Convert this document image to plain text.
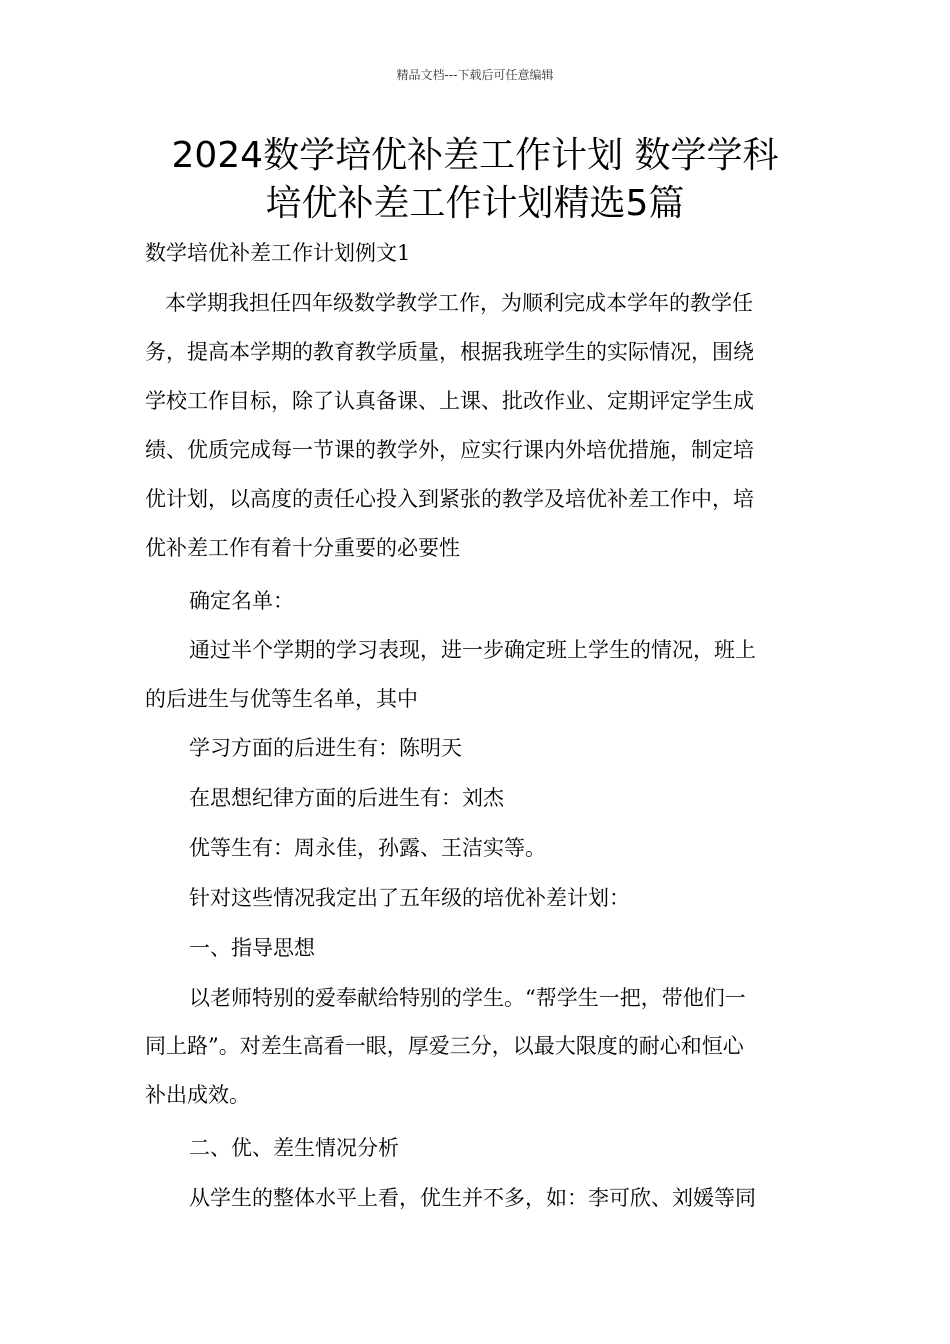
精品文档---下载后可任意编辑
2024数学培优补差工作计划 数学学科
培优补差工作计划精选5篇
数学培优补差工作计划例文1
本学期我担任四年级数学教学工作，为顺利完成本学年的教学任
务，提高本学期的教育教学质量，根据我班学生的实际情况，围绕
学校工作目标，除了认真备课、上课、批改作业、定期评定学生成
绩、优质完成每一节课的教学外，应实行课内外培优措施，制定培
优计划，以高度的责任心投入到紧张的教学及培优补差工作中，培
优补差工作有着十分重要的必要性
确定名单：
通过半个学期的学习表现，进一步确定班上学生的情况，班上
的后进生与优等生名单，其中
学习方面的后进生有：陈明天
在思想纪律方面的后进生有：刘杰
优等生有：周永佳，孙露、王洁实等。
针对这些情况我定出了五年级的培优补差计划：
一、指导思想
以老师特别的爱奉献给特别的学生。“帮学生一把，带他们一
同上路”。对差生高看一眼，厚爱三分，以最大限度的耐心和恒心
补出成效。
二、优、差生情况分析
从学生的整体水平上看，优生并不多，如：李可欣、刘媛等同
